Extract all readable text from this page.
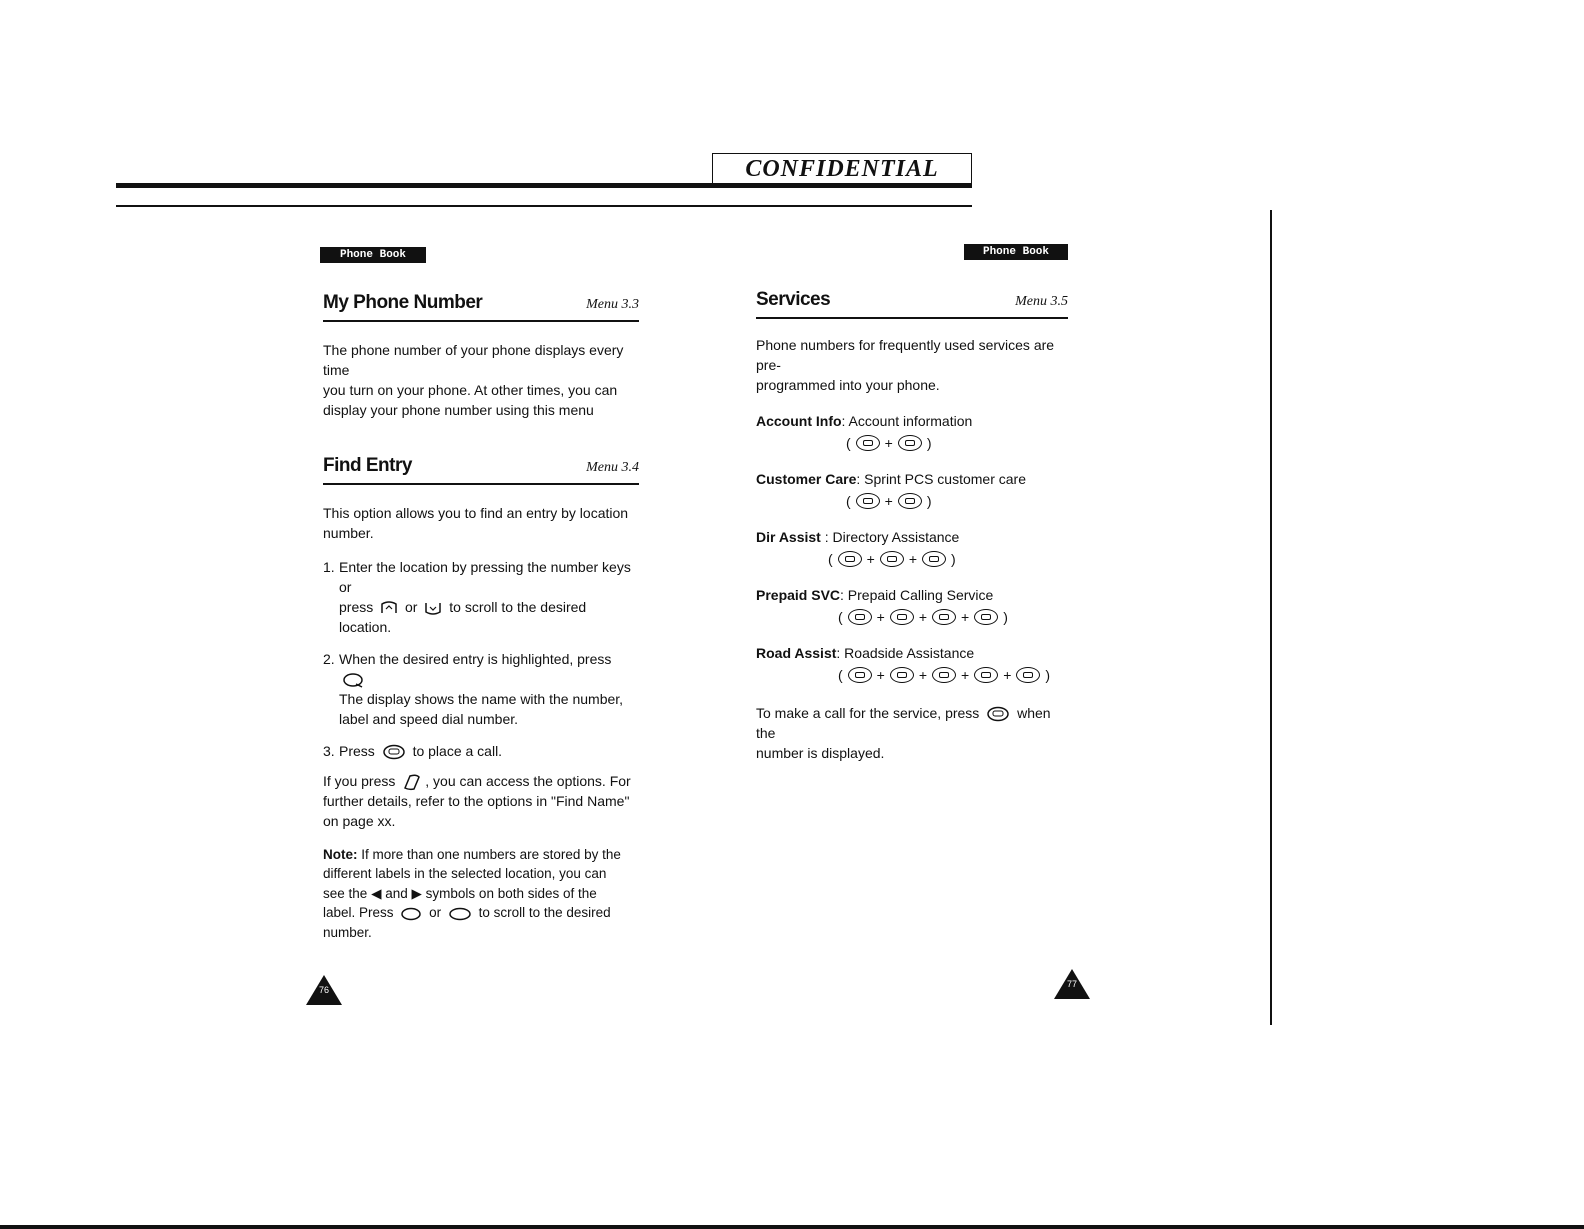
CONFIDENTIAL
Phone Book
My Phone Number	Menu 3.3
The phone number of your phone displays every time
you turn on your phone. At other times, you can
display your phone number using this menu
Find Entry	Menu 3.4
This option allows you to find an entry by location
number.
1. Enter the location by pressing the number keys or
press or to scroll to the desired
location.
2. When the desired entry is highlighted, press
The display shows the name with the number,
label and speed dial number.
3. Press	to place a call.
If you press , you can access the options. For
further details, refer to the options in "Find Name"
on page xx.
Note: If more than one numbers are stored by the
different labels in the selected location, you can
see the ◀ and ▶ symbols on both sides of the
label. Press	or	to scroll to the desired
number.
76
Phone Book
Services	Menu 3.5
Phone numbers for frequently used services are pre-
programmed into your phone.
Account Info: Account information
( + )
Customer Care: Sprint PCS customer care
( + )
Dir Assist : Directory Assistance
( + + )
Prepaid SVC: Prepaid Calling Service
( + + + )
Road Assist: Roadside Assistance
( + + + + )
To make a call for the service, press	when the
number is displayed.
77
